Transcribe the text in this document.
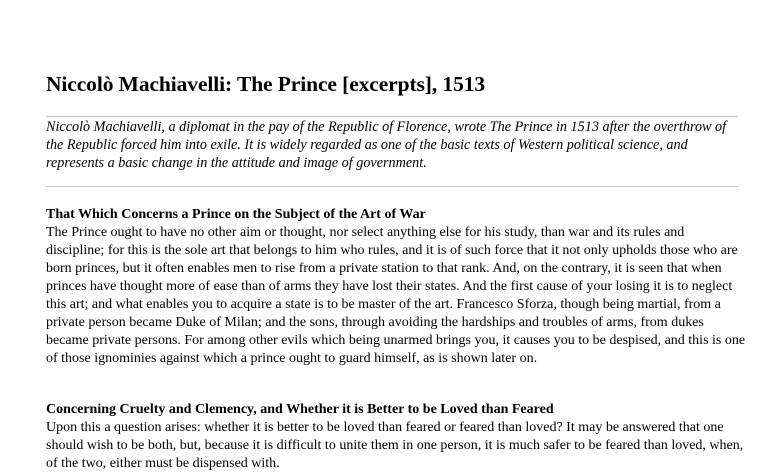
Niccolò Machiavelli: The Prince [excerpts], 1513

Niccolò Machiavelli, a diplomat in the pay of the Republic of Florence, wrote The Prince in 1513 after the overthrow of the Republic forced him into exile. It is widely regarded as one of the basic texts of Western political science, and represents a basic change in the attitude and image of government.

That Which Concerns a Prince on the Subject of the Art of War

The Prince ought to have no other aim or thought, nor select anything else for his study, than war and its rules and discipline; for this is the sole art that belongs to him who rules, and it is of such force that it not only upholds those who are born princes, but it often enables men to rise from a private station to that rank. And, on the contrary, it is seen that when princes have thought more of ease than of arms they have lost their states. And the first cause of your losing it is to neglect this art; and what enables you to acquire a state is to be master of the art. Francesco Sforza, though being martial, from a private person became Duke of Milan; and the sons, through avoiding the hardships and troubles of arms, from dukes became private persons. For among other evils which being unarmed brings you, it causes you to be despised, and this is one of those ignominies against which a prince ought to guard himself, as is shown later on.

Concerning Cruelty and Clemency, and Whether it is Better to be Loved than Feared

Upon this a question arises: whether it is better to be loved than feared or feared than loved? It may be answered that one should wish to be both, but, because it is difficult to unite them in one person, it is much safer to be feared than loved, when, of the two, either must be dispensed with.
